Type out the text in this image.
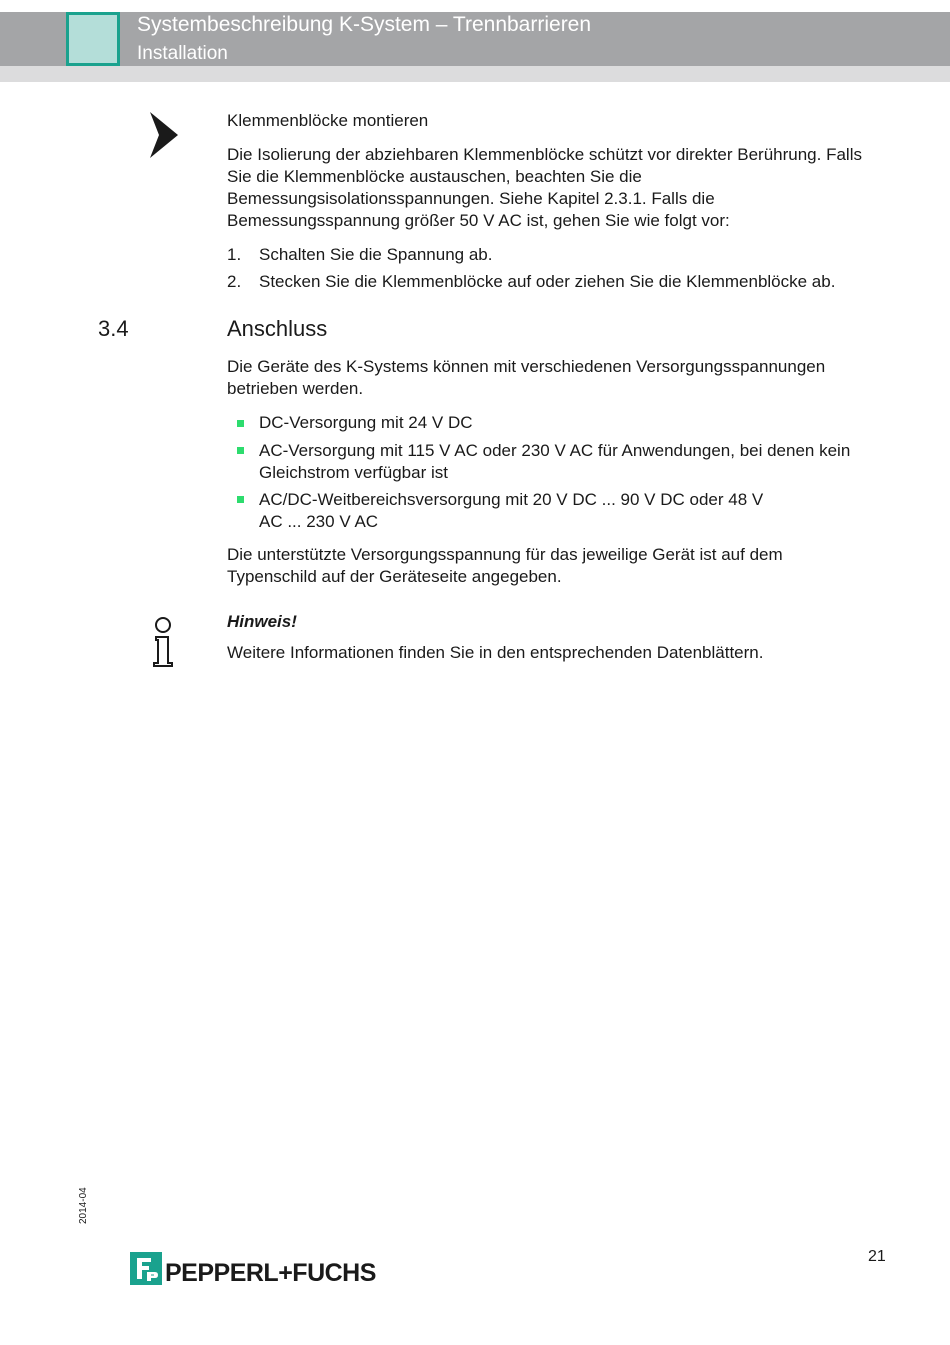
Systembeschreibung K-System – Trennbarrieren
Installation
Klemmenblöcke montieren
Die Isolierung der abziehbaren Klemmenblöcke schützt vor direkter Berührung. Falls Sie die Klemmenblöcke austauschen, beachten Sie die Bemessungsisolationsspannungen. Siehe Kapitel 2.3.1. Falls die Bemessungsspannung größer 50 V AC ist, gehen Sie wie folgt vor:
1. Schalten Sie die Spannung ab.
2. Stecken Sie die Klemmenblöcke auf oder ziehen Sie die Klemmenblöcke ab.
3.4	Anschluss
Die Geräte des K-Systems können mit verschiedenen Versorgungsspannungen betrieben werden.
DC-Versorgung mit 24 V DC
AC-Versorgung mit 115 V AC oder 230 V AC für Anwendungen, bei denen kein Gleichstrom verfügbar ist
AC/DC-Weitbereichsversorgung mit 20 V DC ... 90 V DC oder 48 V AC ... 230 V AC
Die unterstützte Versorgungsspannung für das jeweilige Gerät ist auf dem Typenschild auf der Geräteseite angegeben.
Hinweis!
Weitere Informationen finden Sie in den entsprechenden Datenblättern.
2014-04
21
PEPPERL+FUCHS
